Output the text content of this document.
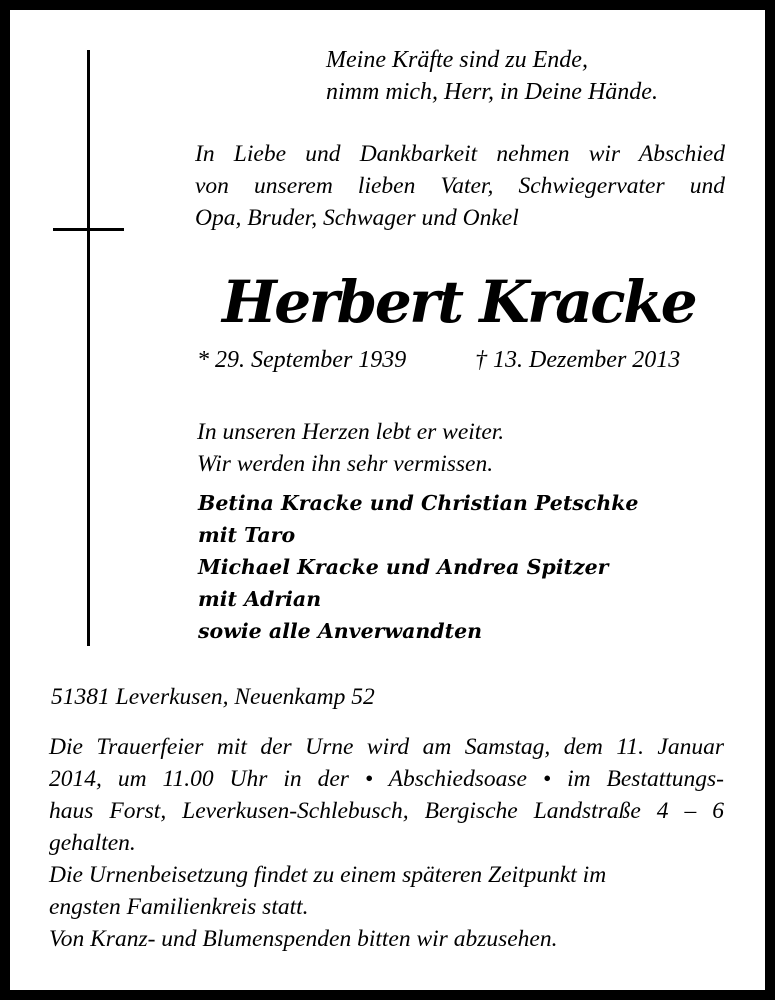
Meine Kräfte sind zu Ende,
nimm mich, Herr, in Deine Hände.
In Liebe und Dankbarkeit nehmen wir Abschied
von unserem lieben Vater, Schwiegervater und
Opa, Bruder, Schwager und Onkel
Herbert Kracke
* 29. September 1939	† 13. Dezember 2013
In unseren Herzen lebt er weiter.
Wir werden ihn sehr vermissen.
Betina Kracke und Christian Petschke
mit Taro
Michael Kracke und Andrea Spitzer
mit Adrian
sowie alle Anverwandten
51381 Leverkusen, Neuenkamp 52
Die Trauerfeier mit der Urne wird am Samstag, dem 11. Januar
2014, um 11.00 Uhr in der • Abschiedsoase • im Bestattungs-
haus Forst, Leverkusen-Schlebusch, Bergische Landstraße 4 – 6
gehalten.
Die Urnenbeisetzung findet zu einem späteren Zeitpunkt im
engsten Familienkreis statt.
Von Kranz- und Blumenspenden bitten wir abzusehen.
